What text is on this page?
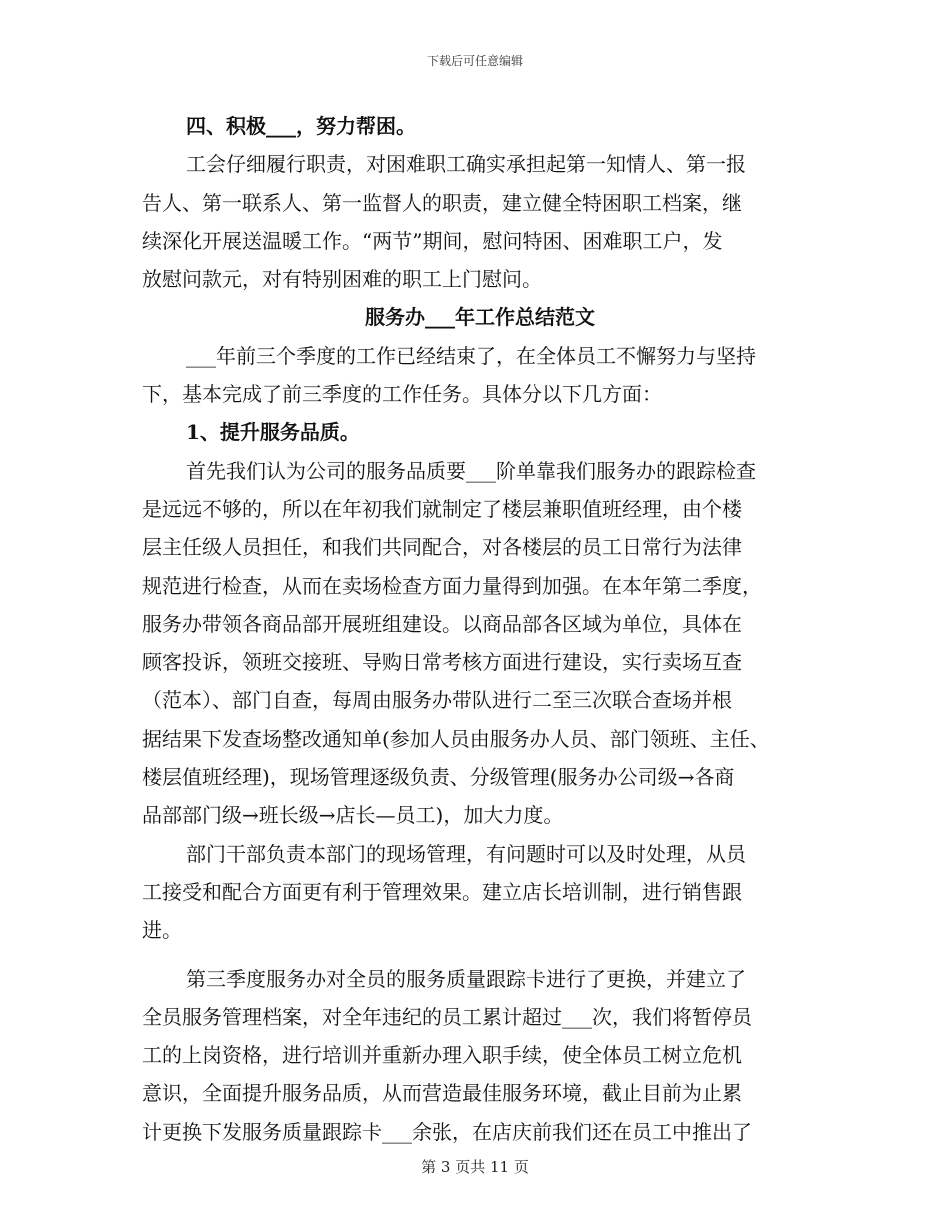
下载后可任意编辑
四、积极___，努力帮困。
工会仔细履行职责，对困难职工确实承担起第一知情人、第一报
告人、第一联系人、第一监督人的职责，建立健全特困职工档案，继
续深化开展送温暖工作。“两节”期间，慰问特困、困难职工户，发
放慰问款元，对有特别困难的职工上门慰问。
服务办___年工作总结范文
___年前三个季度的工作已经结束了，在全体员工不懈努力与坚持
下，基本完成了前三季度的工作任务。具体分以下几方面：
1、提升服务品质。
首先我们认为公司的服务品质要___阶单靠我们服务办的跟踪检查
是远远不够的，所以在年初我们就制定了楼层兼职值班经理，由个楼
层主任级人员担任，和我们共同配合，对各楼层的员工日常行为法律
规范进行检查，从而在卖场检查方面力量得到加强。在本年第二季度，
服务办带领各商品部开展班组建设。以商品部各区域为单位，具体在
顾客投诉，领班交接班、导购日常考核方面进行建设，实行卖场互查
（范本）、部门自查，每周由服务办带队进行二至三次联合查场并根
据结果下发查场整改通知单(参加人员由服务办人员、部门领班、主任、
楼层值班经理)，现场管理逐级负责、分级管理(服务办公司级→各商
品部部门级→班长级→店长—员工)，加大力度。
部门干部负责本部门的现场管理，有问题时可以及时处理，从员
工接受和配合方面更有利于管理效果。建立店长培训制，进行销售跟
进。
第三季度服务办对全员的服务质量跟踪卡进行了更换，并建立了
全员服务管理档案，对全年违纪的员工累计超过___次，我们将暂停员
工的上岗资格，进行培训并重新办理入职手续，使全体员工树立危机
意识，全面提升服务品质，从而营造最佳服务环境，截止目前为止累
计更换下发服务质量跟踪卡___余张，在店庆前我们还在员工中推出了
第 3 页共 11 页
